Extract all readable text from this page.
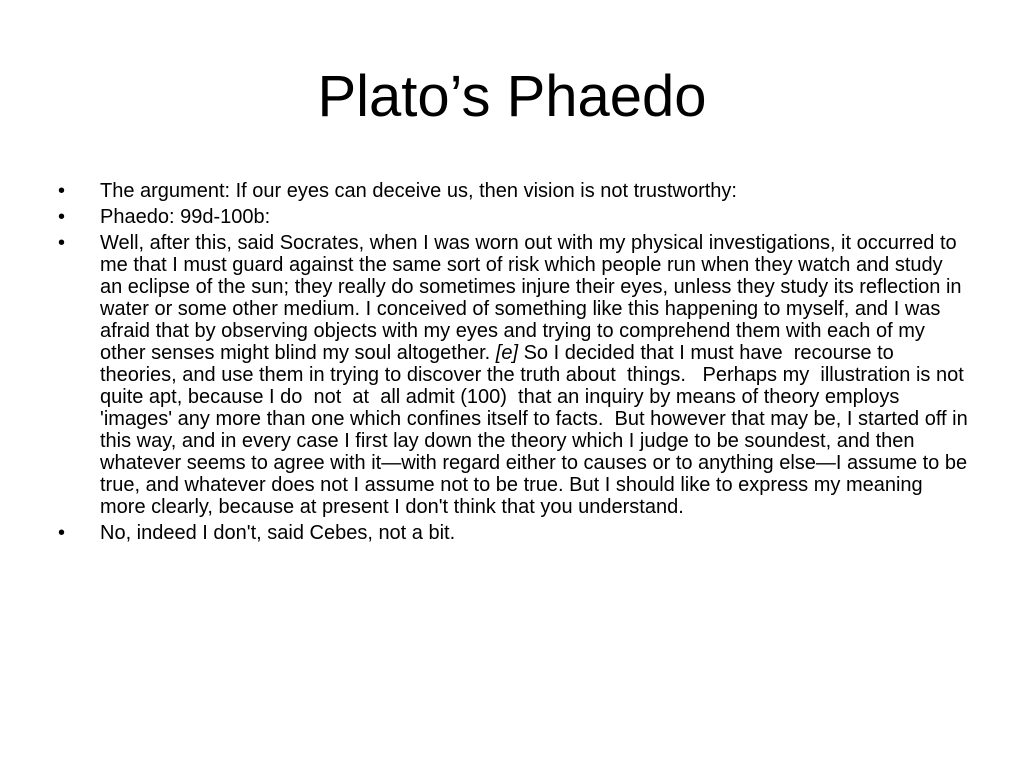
Plato’s Phaedo
•	The argument: If our eyes can deceive us, then vision is not trustworthy:
•	Phaedo: 99d-100b:
•	Well, after this, said Socrates, when I was worn out with my physical investigations, it occurred to me that I must guard against the same sort of risk which people run when they watch and study an eclipse of the sun; they really do sometimes injure their eyes, unless they study its reflection in water or some other medium. I conceived of something like this happening to myself, and I was afraid that by observing objects with my eyes and trying to comprehend them with each of my other senses might blind my soul altogether. [e] So I decided that I must have  recourse to theories, and use them in trying to discover the truth about  things.   Perhaps my  illustration is not  quite apt, because I do  not  at  all admit (100)  that an inquiry by means of theory employs 'images' any more than one which confines itself to facts.  But however that may be, I started off in this way, and in every case I first lay down the theory which I judge to be soundest, and then whatever seems to agree with it—with regard either to causes or to anything else—I assume to be true, and whatever does not I assume not to be true. But I should like to express my meaning more clearly, because at present I don't think that you understand.
•	No, indeed I don't, said Cebes, not a bit.
